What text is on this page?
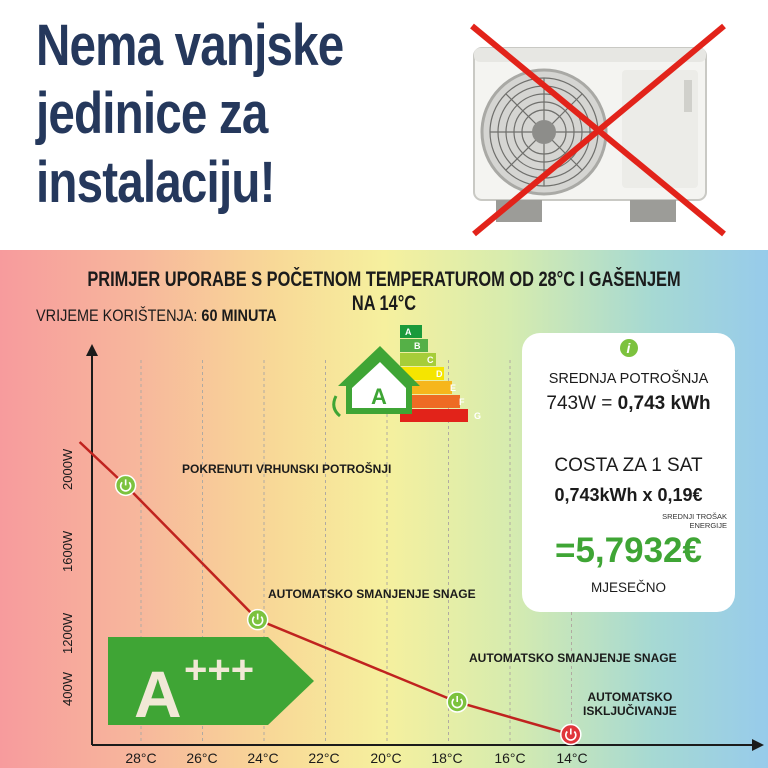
Nema vanjske jedinice za instalaciju!
PRIMJER UPORABE S POČETNOM TEMPERATUROM OD 28°C I GAŠENJEM NA 14°C
VRIJEME KORIŠTENJA: 60 MINUTA
2000W
1600W
1200W
400W
28°C 26°C 24°C 22°C 20°C 18°C 16°C 14°C
A
B
C
D
E
F
G
A
POKRENUTI VRHUNSKI POTROŠNJI
AUTOMATSKO SMANJENJE SNAGE
AUTOMATSKO SMANJENJE SNAGE
AUTOMATSKO
ISKLJUČIVANJE
A +++
i
SREDNJA POTROŠNJA
743W = 0,743 kWh
COSTA ZA 1 SAT
0,743kWh x 0,19€
SREDNJI TROŠAK
ENERGIJE
=5,7932€
MJESEČNO
